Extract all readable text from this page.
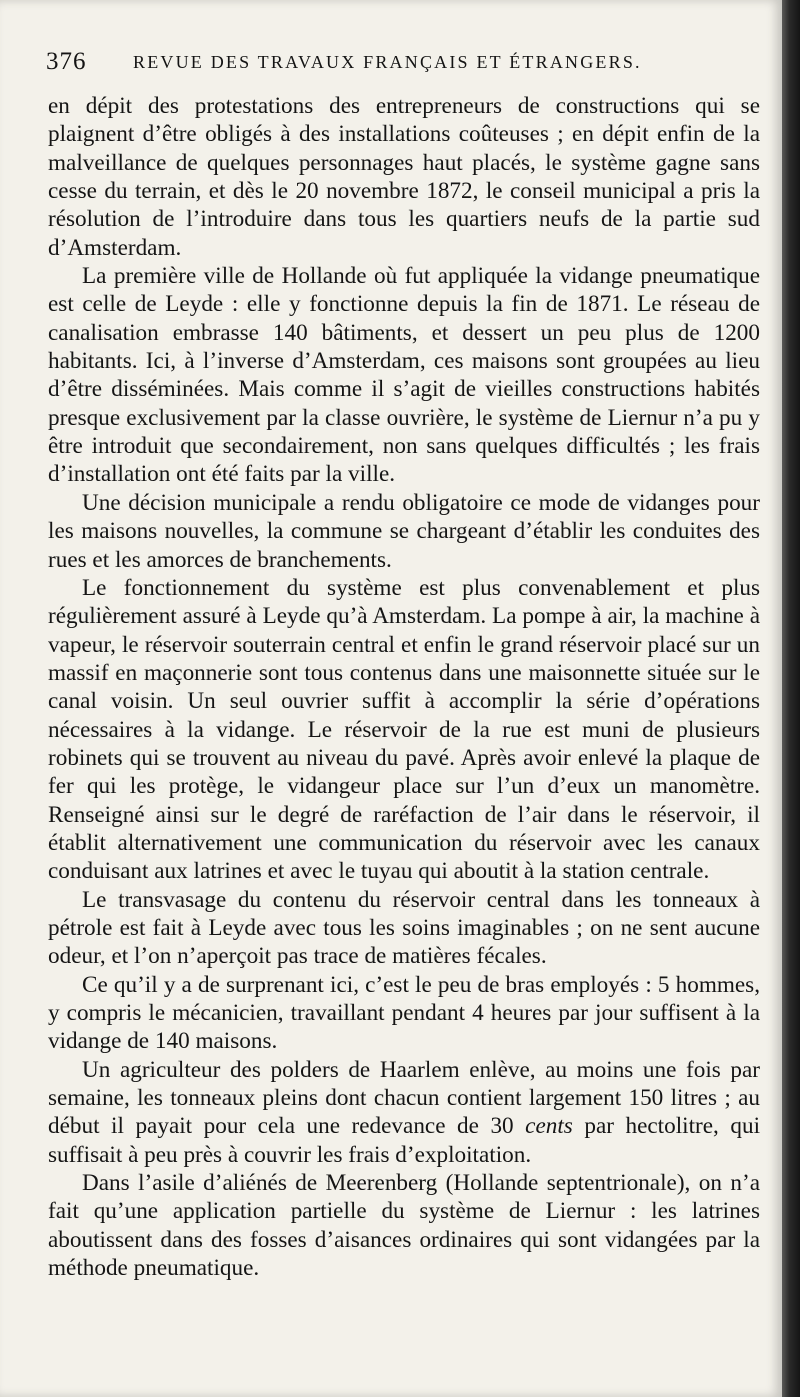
376	REVUE DES TRAVAUX FRANÇAIS ET ÉTRANGERS.

en dépit des protestations des entrepreneurs de constructions qui se plaignent d’être obligés à des installations coûteuses ; en dépit enfin de la malveillance de quelques personnages haut placés, le système gagne sans cesse du terrain, et dès le 20 novembre 1872, le conseil municipal a pris la résolution de l’introduire dans tous les quartiers neufs de la partie sud d’Amsterdam.

La première ville de Hollande où fut appliquée la vidange pneumatique est celle de Leyde : elle y fonctionne depuis la fin de 1871. Le réseau de canalisation embrasse 140 bâtiments, et dessert un peu plus de 1200 habitants. Ici, à l’inverse d’Amsterdam, ces maisons sont groupées au lieu d’être disséminées. Mais comme il s’agit de vieilles constructions habités presque exclusivement par la classe ouvrière, le système de Liernur n’a pu y être introduit que secondairement, non sans quelques difficultés ; les frais d’installation ont été faits par la ville.

Une décision municipale a rendu obligatoire ce mode de vidanges pour les maisons nouvelles, la commune se chargeant d’établir les conduites des rues et les amorces de branchements.

Le fonctionnement du système est plus convenablement et plus régulièrement assuré à Leyde qu’à Amsterdam. La pompe à air, la machine à vapeur, le réservoir souterrain central et enfin le grand réservoir placé sur un massif en maçonnerie sont tous contenus dans une maisonnette située sur le canal voisin. Un seul ouvrier suffit à accomplir la série d’opérations nécessaires à la vidange. Le réservoir de la rue est muni de plusieurs robinets qui se trouvent au niveau du pavé. Après avoir enlevé la plaque de fer qui les protège, le vidangeur place sur l’un d’eux un manomètre. Renseigné ainsi sur le degré de raréfaction de l’air dans le réservoir, il établit alternativement une communication du réservoir avec les canaux conduisant aux latrines et avec le tuyau qui aboutit à la station centrale.

Le transvasage du contenu du réservoir central dans les tonneaux à pétrole est fait à Leyde avec tous les soins imaginables ; on ne sent aucune odeur, et l’on n’aperçoit pas trace de matières fécales.

Ce qu’il y a de surprenant ici, c’est le peu de bras employés : 5 hommes, y compris le mécanicien, travaillant pendant 4 heures par jour suffisent à la vidange de 140 maisons.

Un agriculteur des polders de Haarlem enlève, au moins une fois par semaine, les tonneaux pleins dont chacun contient largement 150 litres ; au début il payait pour cela une redevance de 30 cents par hectolitre, qui suffisait à peu près à couvrir les frais d’exploitation.

Dans l’asile d’aliénés de Meerenberg (Hollande septentrionale), on n’a fait qu’une application partielle du système de Liernur : les latrines aboutissent dans des fosses d’aisances ordinaires qui sont vidangées par la méthode pneumatique.
